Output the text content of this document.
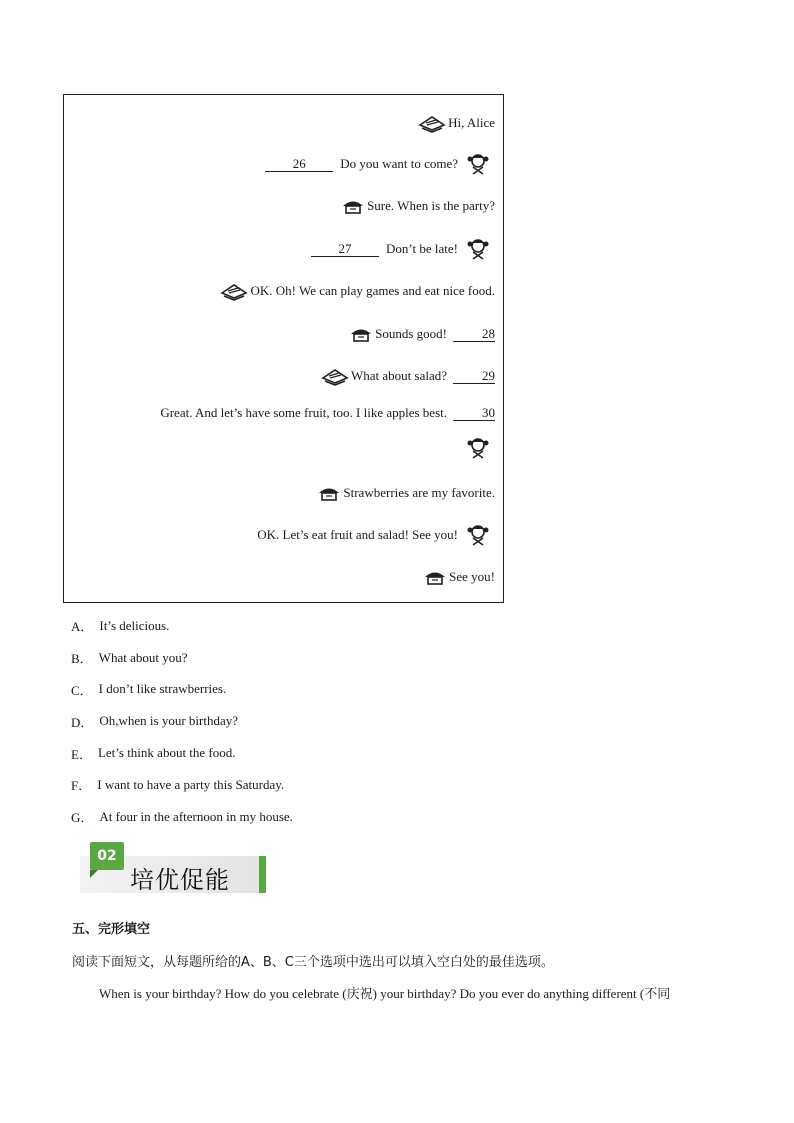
Hi, Alice
26	Do you want to come?
Sure. When is the party?
27	Don’t be late!
OK. Oh! We can play games and eat nice food.
Sounds good!	28
What about salad?	29
Great. And let’s have some fruit, too. I like apples best.	30
Strawberries are my favorite.
OK. Let’s eat fruit and salad! See you!
See you!
A． It’s delicious.
B． What about you?
C． I don’t like strawberries.
D． Oh,when is your birthday?
E． Let’s think about the food.
F． I want to have a party this Saturday.
G． At four in the afternoon in my house.
02
培优促能
五、完形填空
阅读下面短文，从每题所给的A、B、C三个选项中选出可以填入空白处的最佳选项。
When is your birthday? How do you celebrate (庆祝) your birthday? Do you ever do anything different (不同
